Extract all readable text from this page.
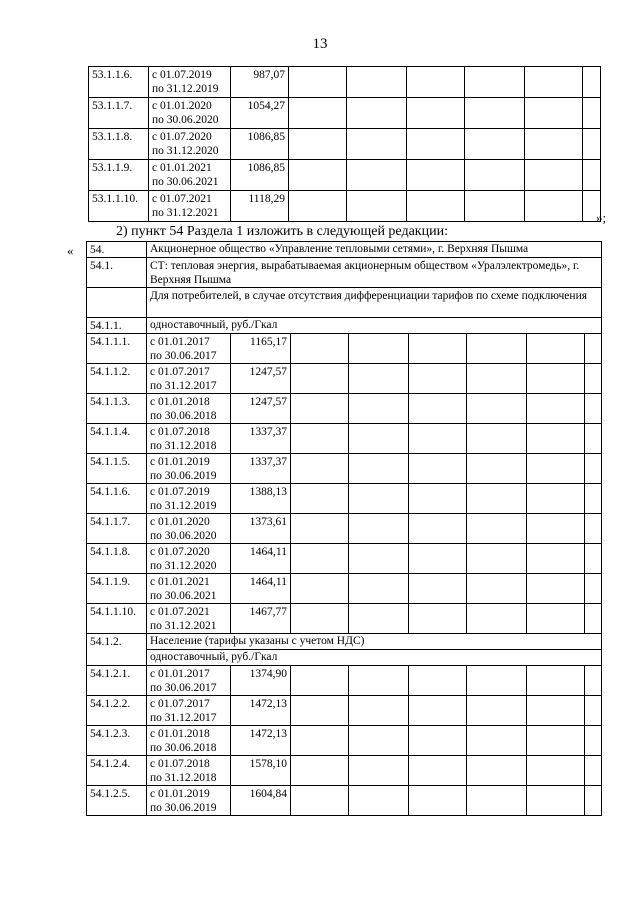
13
53.1.1.6.	с 01.07.2019
по 31.12.2019	987,07						
53.1.1.7.	с 01.01.2020
по 30.06.2020	1054,27						
53.1.1.8.	с 01.07.2020
по 31.12.2020	1086,85						
53.1.1.9.	с 01.01.2021
по 30.06.2021	1086,85						
53.1.1.10.	с 01.07.2021
по 31.12.2021	1118,29						
»;
2) пункт 54 Раздела 1 изложить в следующей редакции:
« 54.	Акционерное общество «Управление тепловыми сетями», г. Верхняя Пышма							
54.1.	СТ: тепловая энергия, вырабатываемая акционерным обществом «Уралэлектромедь», г. Верхняя Пышма							
	Для потребителей, в случае отсутствия дифференциации тарифов по схеме подключения							
54.1.1.	одноставочный, руб./Гкал							
54.1.1.1.	с 01.01.2017
по 30.06.2017	1165,17						
54.1.1.2.	с 01.07.2017
по 31.12.2017	1247,57						
54.1.1.3.	с 01.01.2018
по 30.06.2018	1247,57						
54.1.1.4.	с 01.07.2018
по 31.12.2018	1337,37						
54.1.1.5.	с 01.01.2019
по 30.06.2019	1337,37						
54.1.1.6.	с 01.07.2019
по 31.12.2019	1388,13						
54.1.1.7.	с 01.01.2020
по 30.06.2020	1373,61						
54.1.1.8.	с 01.07.2020
по 31.12.2020	1464,11						
54.1.1.9.	с 01.01.2021
по 30.06.2021	1464,11						
54.1.1.10.	с 01.07.2021
по 31.12.2021	1467,77						
54.1.2.	Население (тарифы указаны с учетом НДС)							
	одноставочный, руб./Гкал							
54.1.2.1.	с 01.01.2017
по 30.06.2017	1374,90						
54.1.2.2.	с 01.07.2017
по 31.12.2017	1472,13						
54.1.2.3.	с 01.01.2018
по 30.06.2018	1472,13						
54.1.2.4.	с 01.07.2018
по 31.12.2018	1578,10						
54.1.2.5.	с 01.01.2019
по 30.06.2019	1604,84						
